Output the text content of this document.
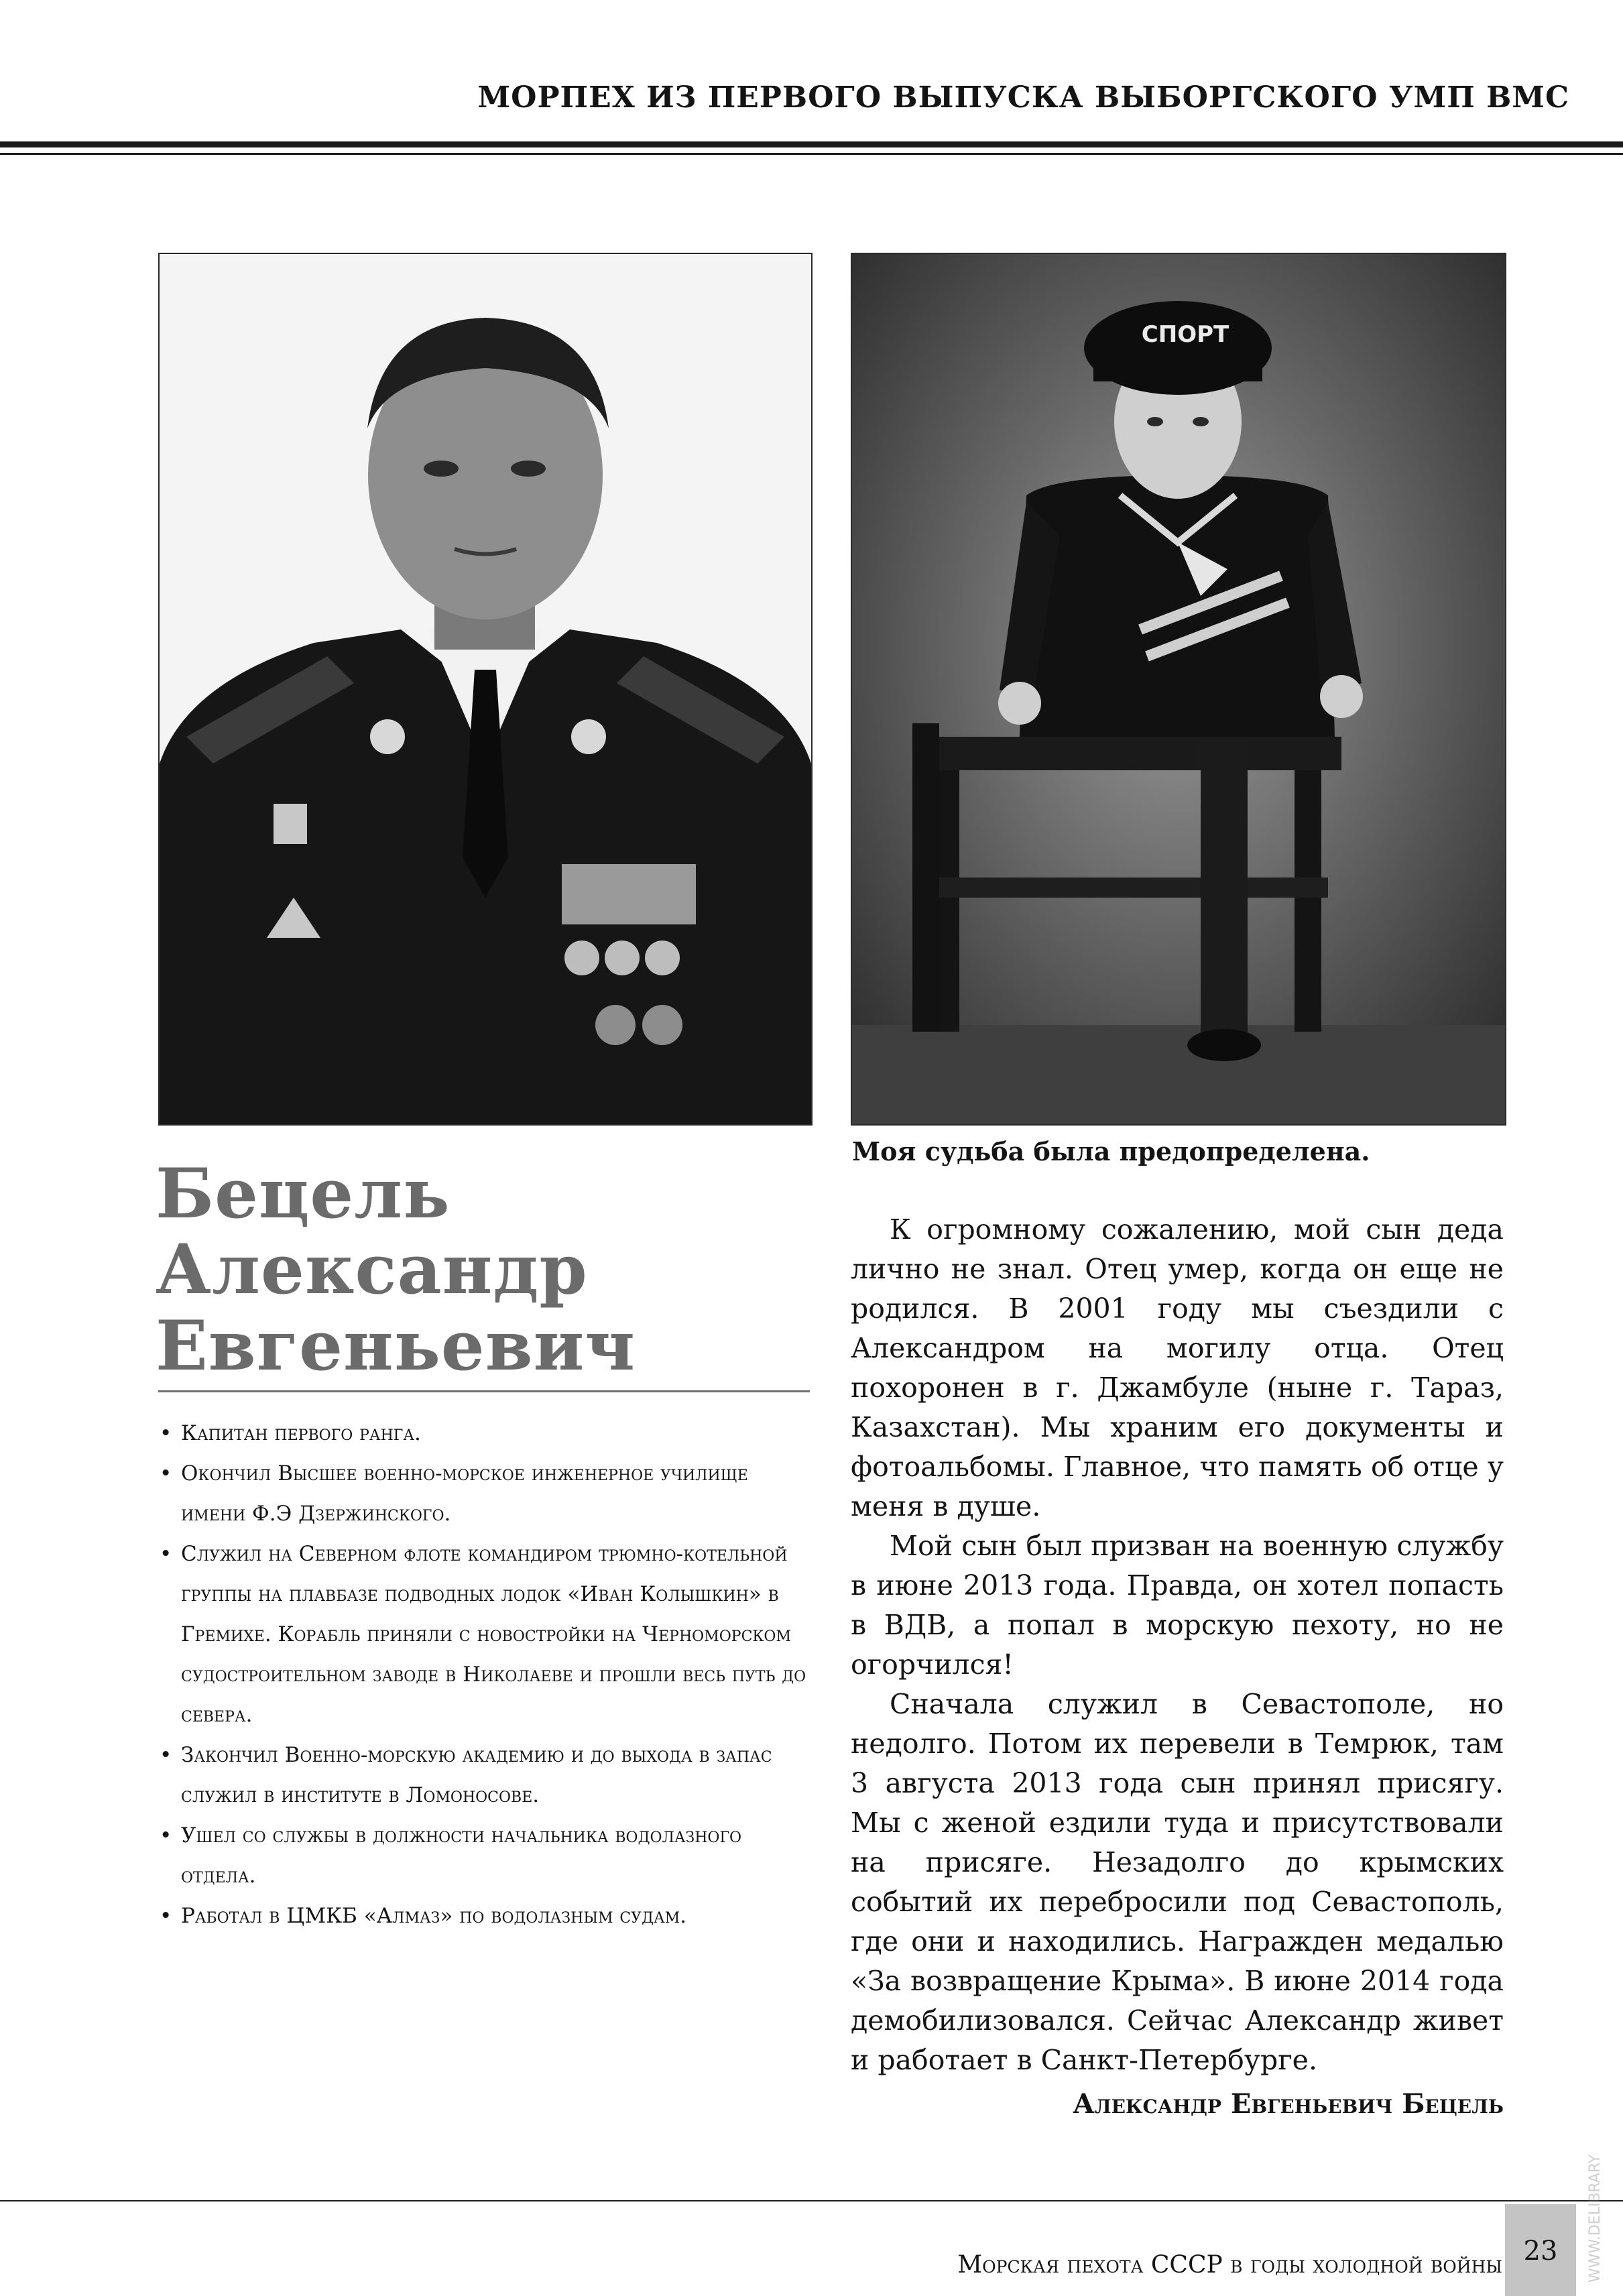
МОРПЕХ ИЗ ПЕРВОГО ВЫПУСКА ВЫБОРГСКОГО УМП ВМС
СПОРТ
Моя судьба была предопределена.
Бецель
Александр
Евгеньевич
• Капитан первого ранга.
• Окончил Высшее военно-морское инженерное училище имени Ф.Э Дзержинского.
• Служил на Северном флоте командиром трюмно-котельной группы на плавбазе подводных лодок «Иван Колышкин» в Гремихе. Корабль приняли с новостройки на Черноморском судостроительном заводе в Николаеве и прошли весь путь до севера.
• Закончил Военно-морскую академию и до выхода в запас служил в институте в Ломоносове.
• Ушел со службы в должности начальника водолазного отдела.
• Работал в ЦМКБ «Алмаз» по водолазным судам.

К огромному сожалению, мой сын деда лично не знал. Отец умер, когда он еще не родился. В 2001 году мы съездили с Александром на могилу отца. Отец похоронен в г. Джамбуле (ныне г. Тараз, Казахстан). Мы храним его документы и фотоальбомы. Главное, что память об отце у меня в душе.

Мой сын был призван на военную службу в июне 2013 года. Правда, он хотел попасть в ВДВ, а попал в морскую пехоту, но не огорчился!

Сначала служил в Севастополе, но недолго. Потом их перевели в Темрюк, там 3 августа 2013 года сын принял присягу. Мы с женой ездили туда и присутствовали на присяге. Незадолго до крымских событий их перебросили под Севастополь, где они и находились. Награжден медалью «За возвращение Крыма». В июне 2014 года демобилизовался. Сейчас Александр живет и работает в Санкт-Петербурге.

Александр Евгеньевич Бецель
Морская пехота СССР в годы холодной войны 23	WWW.DELIBRARY
